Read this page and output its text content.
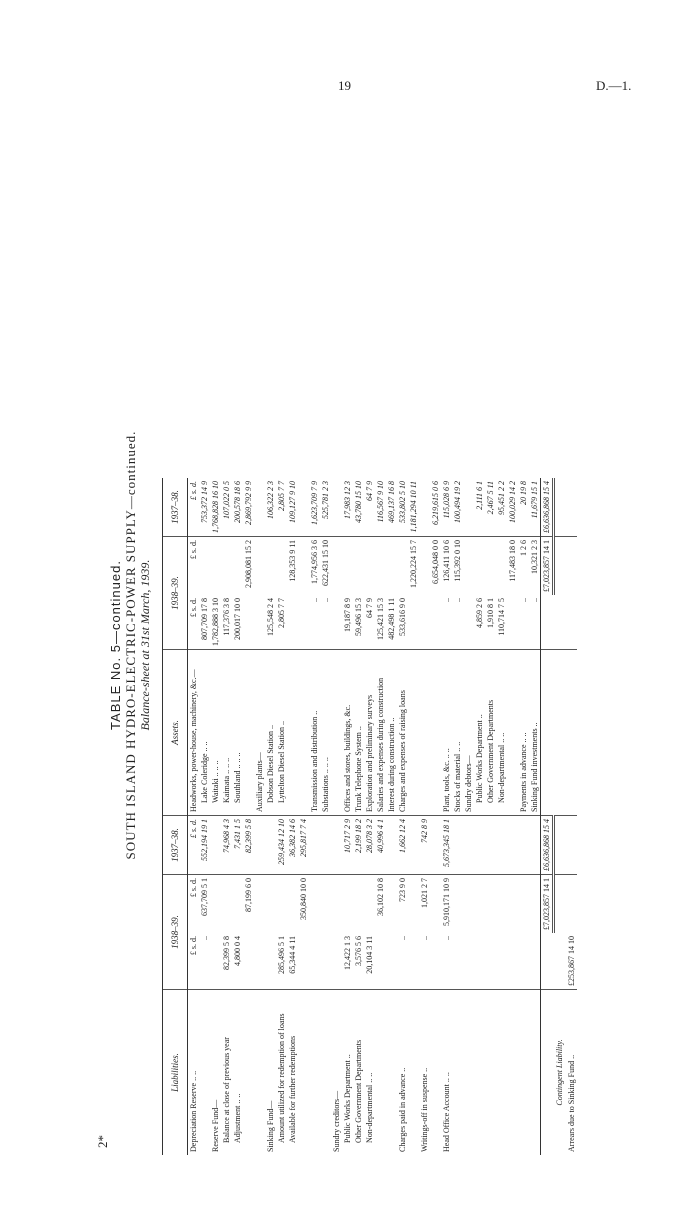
19	D.—1.
2*
TABLE No. 5—continued. SOUTH ISLAND HYDRO-ELECTRIC-POWER SUPPLY—continued. Balance-sheet at 31st March, 1939.
Liabilities.	1938–39.		1937–38.	Assets.	1938–39.		1937–38.
Depreciation Reserve .. ..	£ s. d.	£ s. d.	£ s. d.	Headworks, power-house, machinery, &c.—	£ s. d.	£ s. d.	£ s. d.
	..	637,709 5 1	552,194 19 1	Lake Coleridge .. ..	807,709 17 8		753,372 14 9
Reserve Fund—				Waitaki .. .. ..	1,782,888 3 10		1,768,828 16 10
Balance at close of previous year	82,399 5 8		74,968 4 3	Kaimata .. .. ..	117,376 3 8		107,022 0 5
Adjustment .. ..	4,800 0 4		7,431 1 5	Southland .. .. ..	200,017 10 0		200,578 18 6
		87,199 6 0	82,399 5 8			2,908,081 15 2	2,869,792 9 9
				Auxiliary plants—			
Sinking Fund—				Dobson Diesel Station ..	125,548 2 4		106,322 2 3
Amount utilized for redemption of loans	285,496 5 1		259,434 12 10	Lyttelton Diesel Station ..	2,805 7 7		2,805 7 7
Available for further redemptions	65,344 4 11		36,382 14 6			128,353 9 11	109,127 9 10
		350,840 10 0	295,817 7 4				
				Transmission and distribution ..	..	1,774,956 3 6	1,623,709 7 9
				Substations .. .. ..	..	622,431 15 10	525,781 2 3
Sundry creditors—							
Public Works Department ..	12,422 1 3		10,717 2 9	Offices and stores, buildings, &c.	19,187 8 9		17,983 12 3
Other Government Departments	3,576 5 6		2,199 18 2	Trunk Telephone System ..	59,496 15 3		43,780 15 10
Non-departmental .. ..	20,104 3 11		28,078 3 2	Exploration and preliminary surveys	64 7 9		64 7 9
		36,102 10 8	40,996 4 1	Salaries and expenses during construction	125,421 15 3		116,567 9 10
				Interest during construction ..	482,498 1 11		469,137 16 8
Charges paid in advance ..	..	723 9 0	1,662 12 4	Charges and expenses of raising loans	533,616 9 0		533,802 5 10
						1,220,224 15 7	1,181,294 10 11
Writings-off in suspense ..	..	1,021 2 7	742 8 9				
						6,654,048 0 0	6,219,615 0 6
Head Office Account .. ..	..	5,910,171 10 9	5,673,345 18 1	Plant, tools, &c. .. ..	..	126,411 10 6	115,028 6 9
				Stocks of material .. ..	..	115,392 0 10	100,494 19 2
				Sundry debtors—			
				Public Works Department ..	4,859 2 6		2,111 6 1
				Other Government Departments	1,910 8 1		2,467 5 11
				Non-departmental .. ..	110,714 7 5		95,451 2 2
						117,483 18 0	100,029 14 2
				Payments in advance .. ..	..	1 2 6	20 19 8
				Sinking Fund investments ..	..	10,321 2 3	11,679 15 1
		£7,023,857 14 1	£6,636,868 15 4			£7,023,857 14 1	£6,636,868 15 4
Contingent Liability.							
Arrears due to Sinking Fund ..	£253,867 14 10						
